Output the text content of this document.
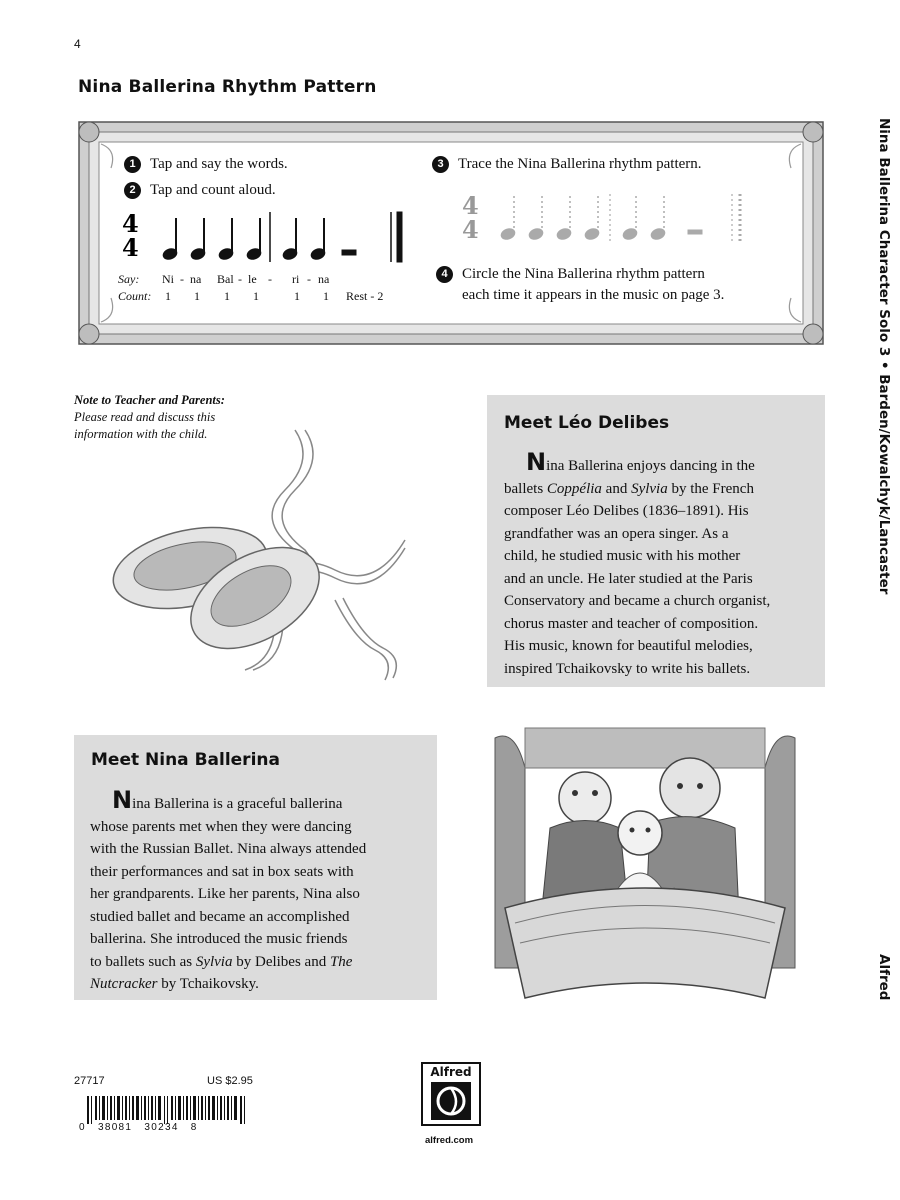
4
Nina Ballerina Rhythm Pattern
1 Tap and say the words.
2 Tap and count aloud.
4
4
Say: Ni - na Bal - le - ri - na
Count: 1 1 1 1	1 1 Rest - 2
3 Trace the Nina Ballerina rhythm pattern.
4
4
4 Circle the Nina Ballerina rhythm pattern
each time it appears in the music on page 3.	Nina Ballerina Character Solo 3 • Barden/Kowalchyk/Lancaster
Alfred
Note to Teacher and Parents:
Please read and discuss this
information with the child.
Meet Léo Delibes

Nina Ballerina enjoys dancing in the
ballets Coppélia and Sylvia by the French
composer Léo Delibes (1836–1891). His
grandfather was an opera singer. As a
child, he studied music with his mother
and an uncle. He later studied at the Paris
Conservatory and became a church organist,
chorus master and teacher of composition.
His music, known for beautiful melodies,
inspired Tchaikovsky to write his ballets.

Meet Nina Ballerina

Nina Ballerina is a graceful ballerina
whose parents met when they were dancing
with the Russian Ballet. Nina always attended
their performances and sat in box seats with
her grandparents. Like her parents, Nina also
studied ballet and became an accomplished
ballerina. She introduced the music friends
to ballets such as Sylvia by Delibes and The
Nutcracker by Tchaikovsky.

27717	US $2.95
0 38081 30234 8
Alfred
alfred.com
